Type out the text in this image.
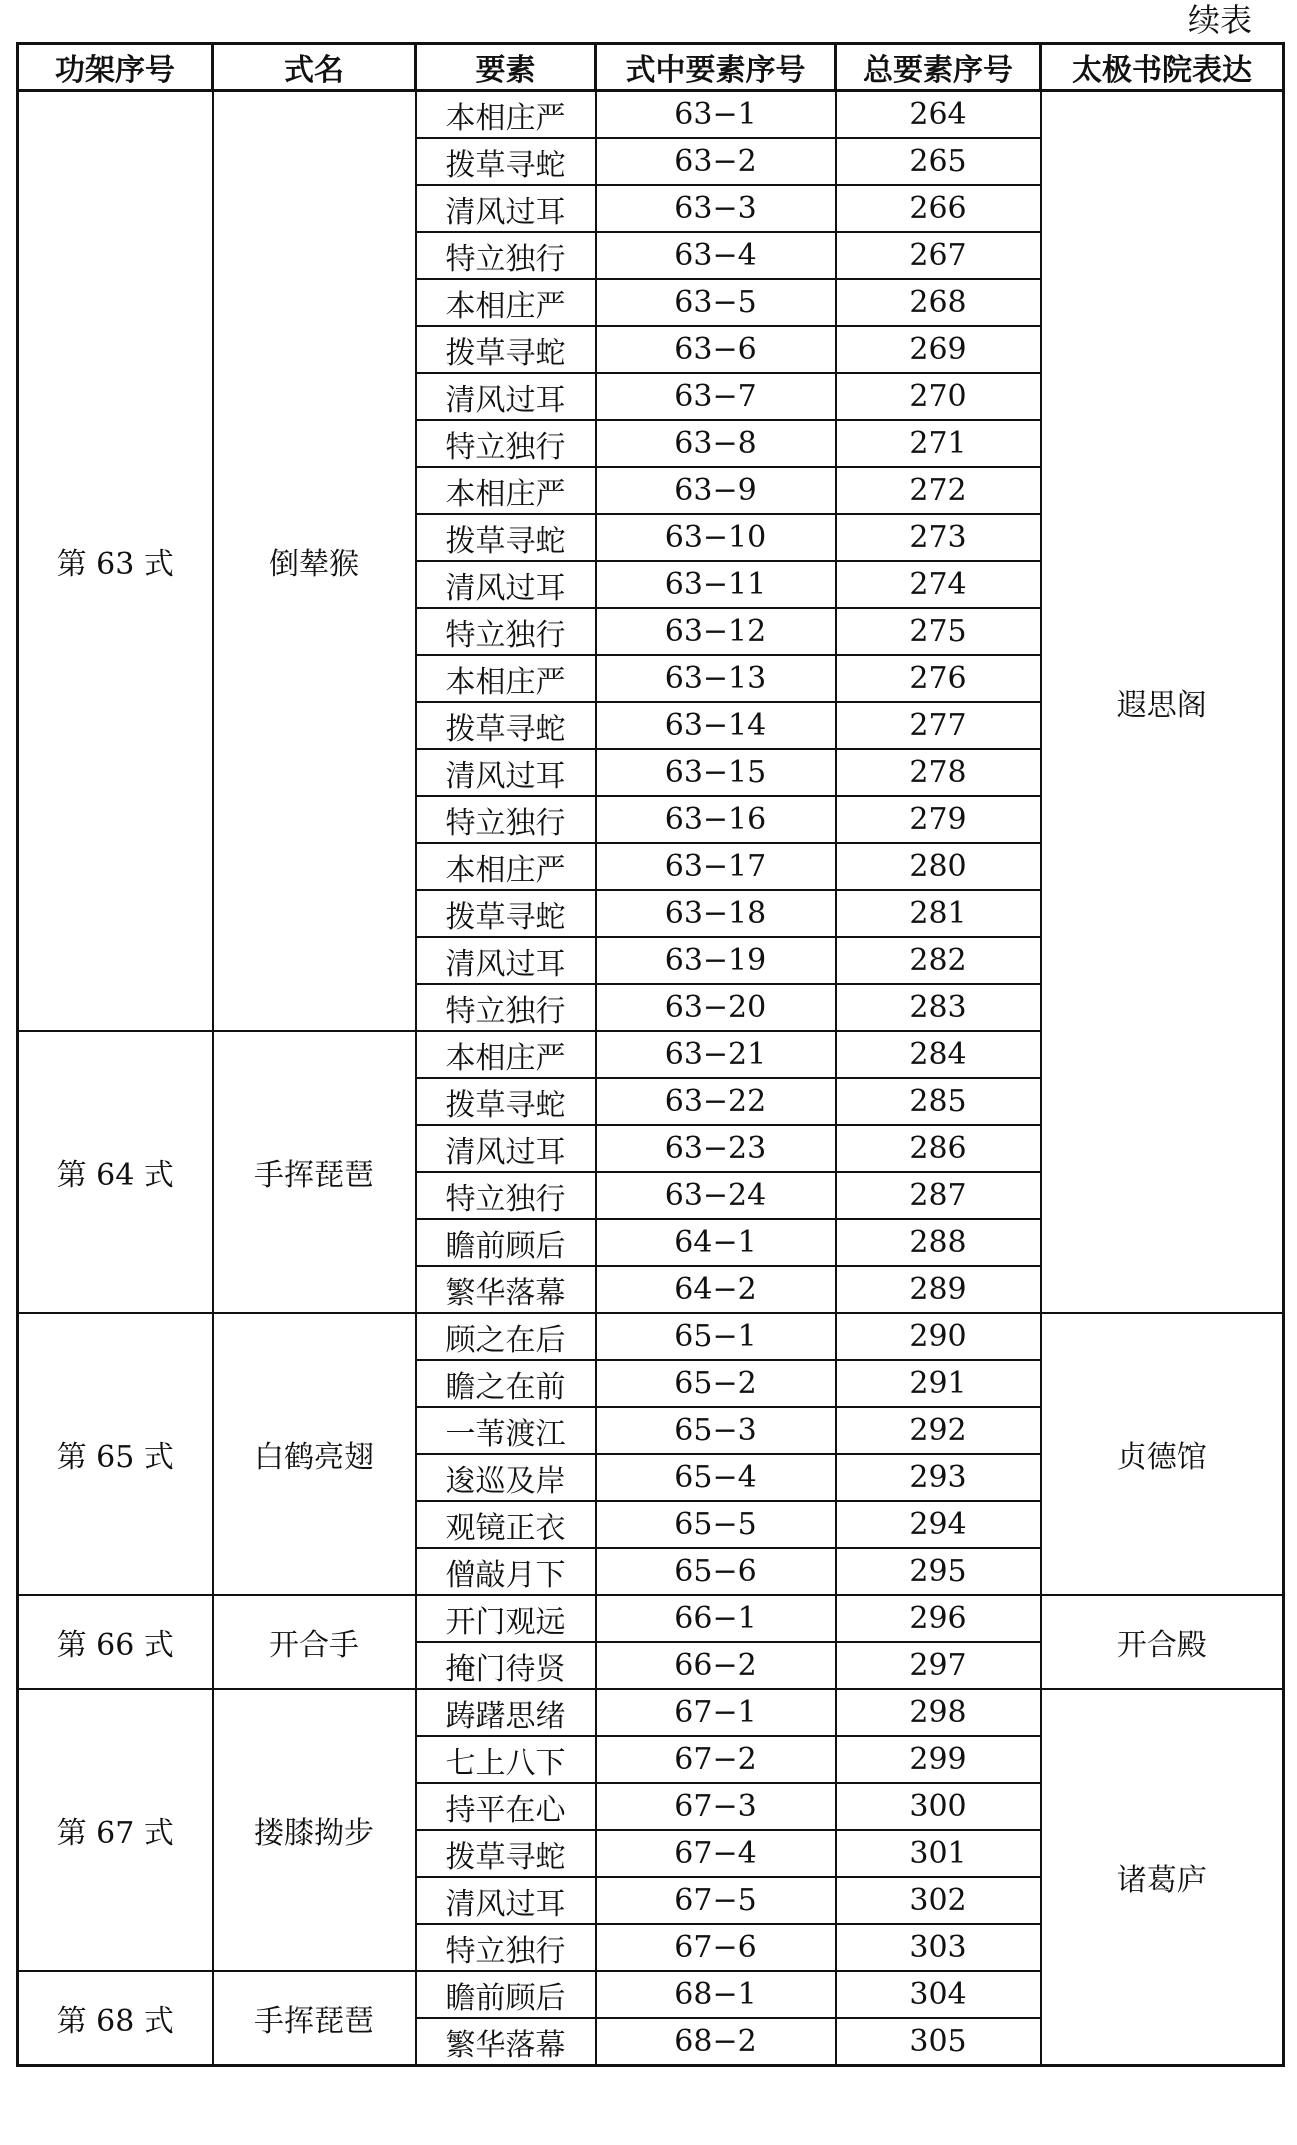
续表
功架序号	式名	要素	式中要素序号	总要素序号	太极书院表达
第 63 式	倒辇猴	本相庄严	63−1	264	遐思阁
		拨草寻蛇	63−2	265	
		清风过耳	63−3	266	
		特立独行	63−4	267	
		本相庄严	63−5	268	
		拨草寻蛇	63−6	269	
		清风过耳	63−7	270	
		特立独行	63−8	271	
		本相庄严	63−9	272	
		拨草寻蛇	63−10	273	
		清风过耳	63−11	274	
		特立独行	63−12	275	
		本相庄严	63−13	276	
		拨草寻蛇	63−14	277	
		清风过耳	63−15	278	
		特立独行	63−16	279	
		本相庄严	63−17	280	
		拨草寻蛇	63−18	281	
		清风过耳	63−19	282	
		特立独行	63−20	283	
第 64 式	手挥琵琶	本相庄严	63−21	284	
		拨草寻蛇	63−22	285	
		清风过耳	63−23	286	
		特立独行	63−24	287	
		瞻前顾后	64−1	288	
		繁华落幕	64−2	289	
第 65 式	白鹤亮翅	顾之在后	65−1	290	贞德馆
		瞻之在前	65−2	291	
		一苇渡江	65−3	292	
		逡巡及岸	65−4	293	
		观镜正衣	65−5	294	
		僧敲月下	65−6	295	
第 66 式	开合手	开门观远	66−1	296	开合殿
		掩门待贤	66−2	297	
第 67 式	搂膝拗步	踌躇思绪	67−1	298	诸葛庐
		七上八下	67−2	299	
		持平在心	67−3	300	
		拨草寻蛇	67−4	301	
		清风过耳	67−5	302	
		特立独行	67−6	303	
第 68 式	手挥琵琶	瞻前顾后	68−1	304	
		繁华落幕	68−2	305	
